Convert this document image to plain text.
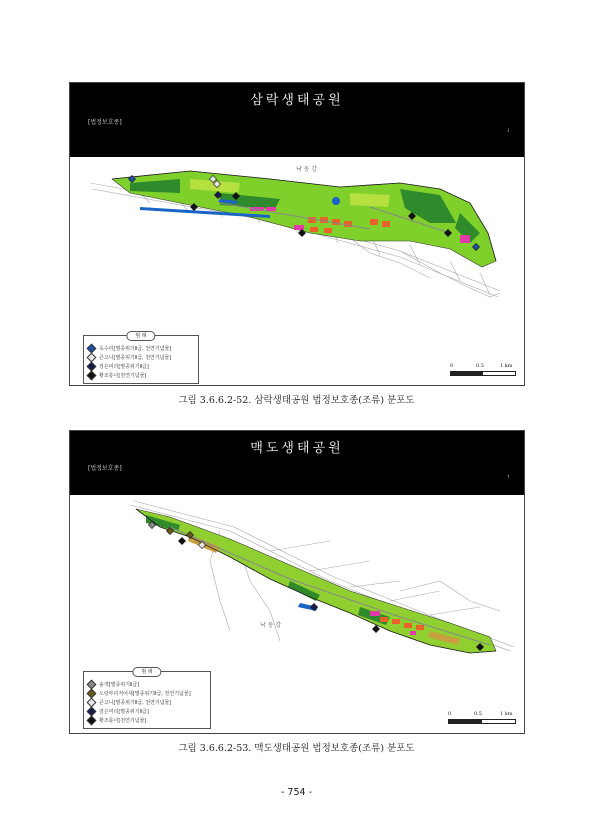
삼락생태공원
[법정보호종]
┘
낙 동 강
범 례
독수리[멸종위기Ⅱ급, 천연기념물]
큰고니[멸종위기Ⅱ급, 천연기념물]
검은머리[멸종위기Ⅱ급]
황조롱이[천연기념물]
0	0.5	1 km
그림 3.6.6.2-52. 삼락생태공원 법정보호종(조류) 분포도
맥도생태공원
[법정보호종]
┐
낙 동 강
범 례
솔개[멸종위기Ⅱ급]
노랑부리저어새[멸종위기Ⅱ급, 천연기념물]
큰고니[멸종위기Ⅱ급, 천연기념물]
검은머리[멸종위기Ⅱ급]
황조롱이[천연기념물]
0	0.5	1 km
그림 3.6.6.2-53. 맥도생태공원 법정보호종(조류) 분포도
- 754 -
